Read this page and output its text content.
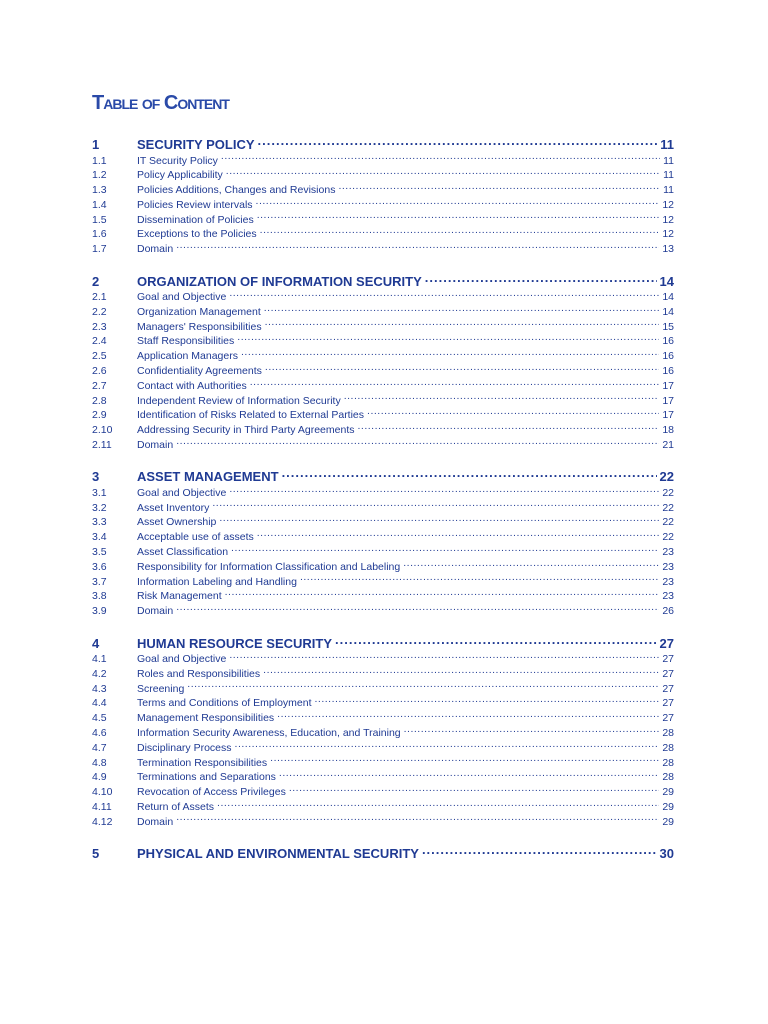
Table of Content
1	SECURITY POLICY .....	11
1.1	IT Security Policy .....	11
1.2	Policy Applicability .....	11
1.3	Policies Additions, Changes and Revisions .....	11
1.4	Policies Review intervals .....	12
1.5	Dissemination of Policies .....	12
1.6	Exceptions to the Policies .....	12
1.7	Domain .....	13
2	ORGANIZATION OF INFORMATION SECURITY .....	14
2.1	Goal and Objective .....	14
2.2	Organization Management .....	14
2.3	Managers' Responsibilities .....	15
2.4	Staff Responsibilities .....	16
2.5	Application Managers .....	16
2.6	Confidentiality Agreements .....	16
2.7	Contact with Authorities .....	17
2.8	Independent Review of Information Security .....	17
2.9	Identification of Risks Related to External Parties .....	17
2.10	Addressing Security in Third Party Agreements .....	18
2.11	Domain .....	21
3	ASSET MANAGEMENT .....	22
3.1	Goal and Objective .....	22
3.2	Asset Inventory .....	22
3.3	Asset Ownership .....	22
3.4	Acceptable use of assets .....	22
3.5	Asset Classification .....	23
3.6	Responsibility for Information Classification and Labeling .....	23
3.7	Information Labeling and Handling .....	23
3.8	Risk Management .....	23
3.9	Domain .....	26
4	HUMAN RESOURCE SECURITY .....	27
4.1	Goal and Objective .....	27
4.2	Roles and Responsibilities .....	27
4.3	Screening .....	27
4.4	Terms and Conditions of Employment .....	27
4.5	Management Responsibilities .....	27
4.6	Information Security Awareness, Education, and Training .....	28
4.7	Disciplinary Process .....	28
4.8	Termination Responsibilities .....	28
4.9	Terminations and Separations .....	28
4.10	Revocation of Access Privileges .....	29
4.11	Return of Assets .....	29
4.12	Domain .....	29
5	PHYSICAL AND ENVIRONMENTAL SECURITY .....	30
